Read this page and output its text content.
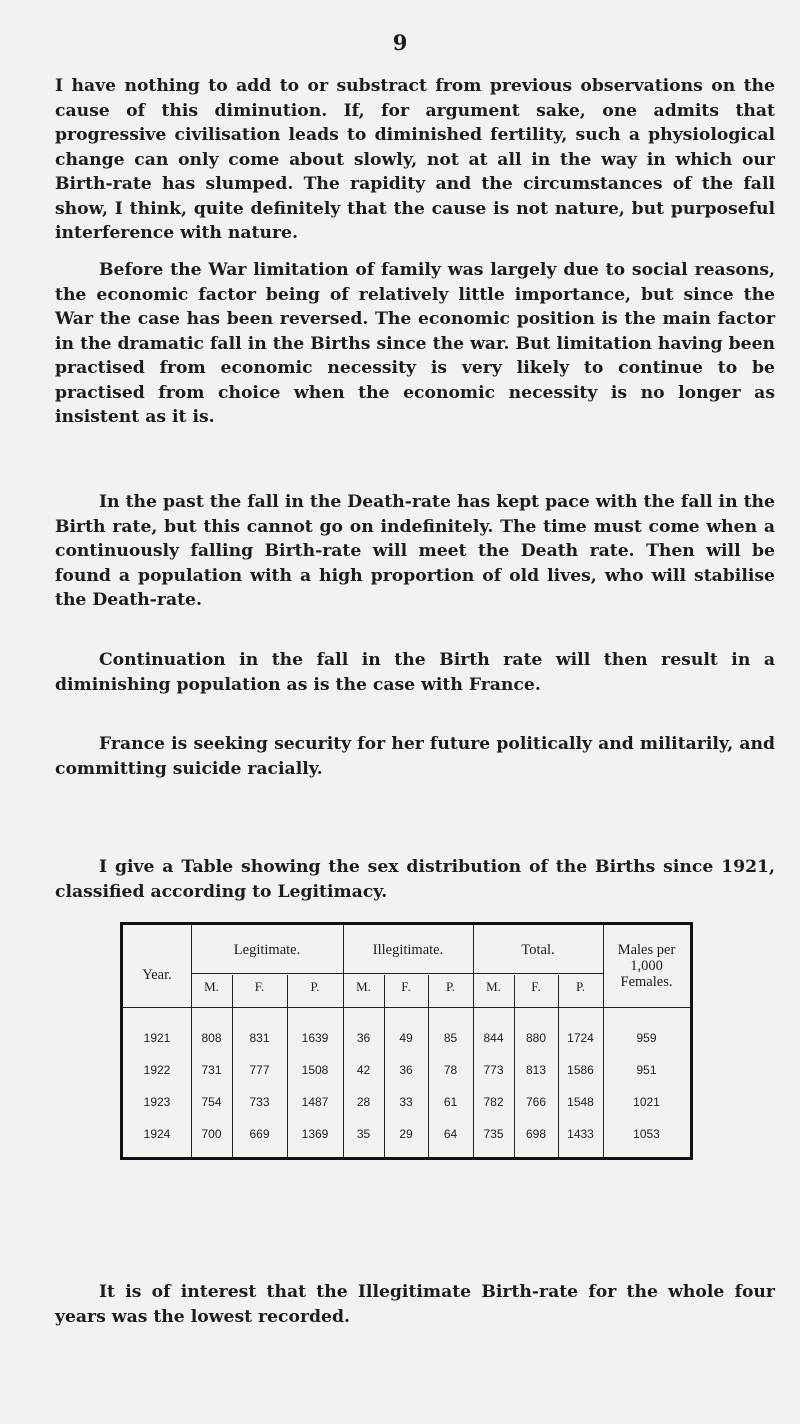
9

I have nothing to add to or substract from previous observations on the cause of this diminution. If, for argument sake, one admits that progressive civilisation leads to diminished fertility, such a physiological change can only come about slowly, not at all in the way in which our Birth-rate has slumped. The rapidity and the circumstances of the fall show, I think, quite definitely that the cause is not nature, but purposeful interference with nature.

Before the War limitation of family was largely due to social reasons, the economic factor being of relatively little importance, but since the War the case has been reversed. The economic position is the main factor in the dramatic fall in the Births since the war. But limitation having been practised from economic necessity is very likely to continue to be practised from choice when the economic necessity is no longer as insistent as it is.

In the past the fall in the Death-rate has kept pace with the fall in the Birth rate, but this cannot go on indefinitely. The time must come when a continuously falling Birth-rate will meet the Death rate. Then will be found a population with a high proportion of old lives, who will stabilise the Death-rate.

Continuation in the fall in the Birth rate will then result in a diminishing population as is the case with France.

France is seeking security for her future politically and militarily, and committing suicide racially.

I give a Table showing the sex distribution of the Births since 1921, classified according to Legitimacy.

Year.
Legitimate.	Illegitimate.	Total.	Males per
1,000
Females.
M.	F.	P.	M.	F.	P.	M.	F.	P.
1921	808	831	1639	36	49	85	844	880	1724	959
1922	731	777	1508	42	36	78	773	813	1586	951
1923	754	733	1487	28	33	61	782	766	1548	1021
1924	700	669	1369	35	29	64	735	698	1433	1053

It is of interest that the Illegitimate Birth-rate for the whole four years was the lowest recorded.
